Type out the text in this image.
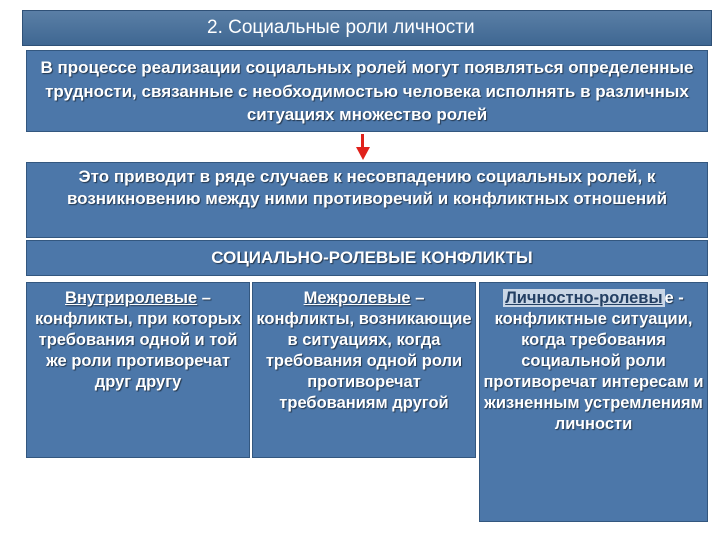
2. Социальные роли личности
В процессе реализации социальных ролей могут появляться определенные трудности, связанные с необходимостью человека исполнять в различных ситуациях множество ролей
Это приводит в ряде случаев к несовпадению социальных ролей, к возникновению между ними противоречий и конфликтных отношений
СОЦИАЛЬНО-РОЛЕВЫЕ КОНФЛИКТЫ
Внутриролевые – конфликты, при которых требования одной и той же роли противоречат друг другу
Межролевые – конфликты, возникающие в ситуациях, когда требования одной роли противоречат требованиям другой
Личностно-ролевы е - конфликтные ситуации, когда требования социальной роли противоречат интересам и жизненным устремлениям личности
